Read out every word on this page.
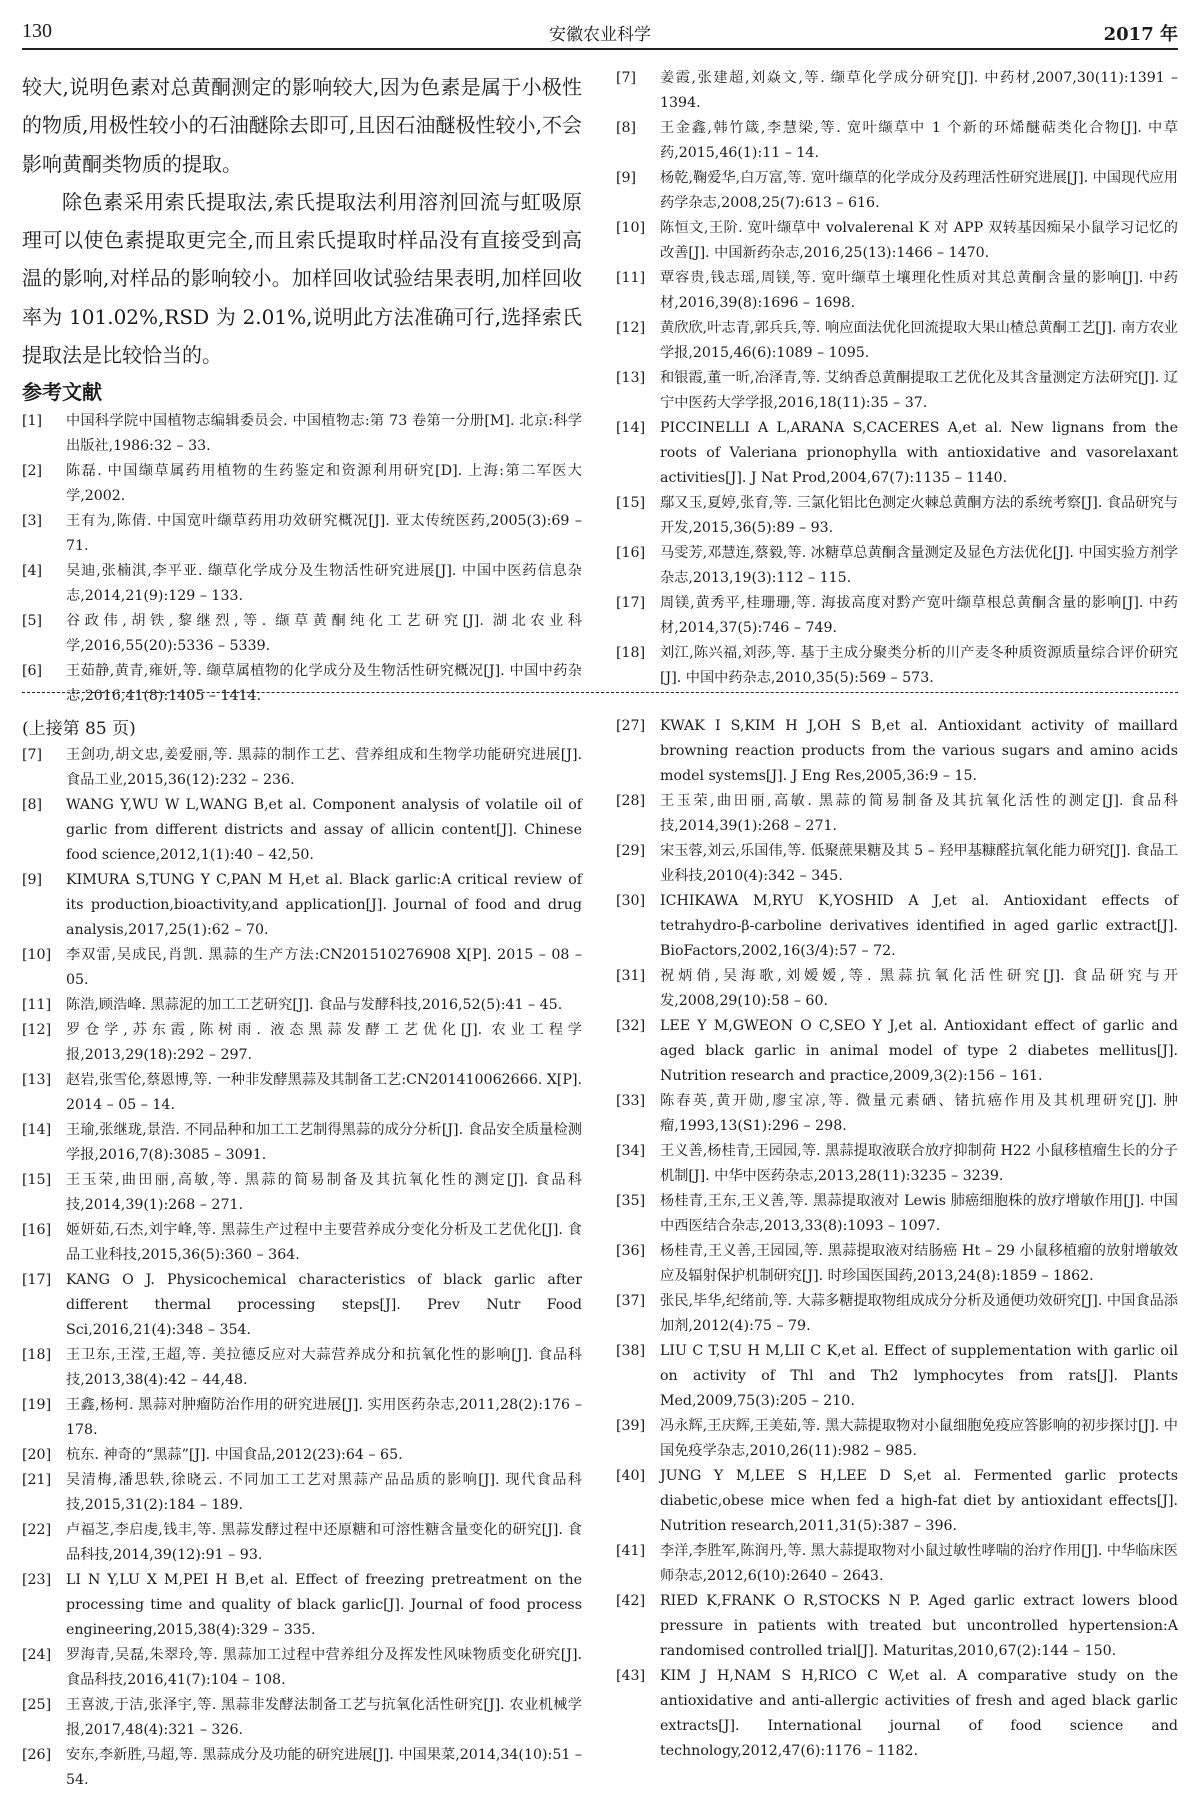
130	安徽农业科学	2017 年

较大,说明色素对总黄酮测定的影响较大,因为色素是属于小极性的物质,用极性较小的石油醚除去即可,且因石油醚极性较小,不会影响黄酮类物质的提取。

除色素采用索氏提取法,索氏提取法利用溶剂回流与虹吸原理可以使色素提取更完全,而且索氏提取时样品没有直接受到高温的影响,对样品的影响较小。加样回收试验结果表明,加样回收率为 101.02%,RSD 为 2.01%,说明此方法准确可行,选择索氏提取法是比较恰当的。

参考文献
[1] 中国科学院中国植物志编辑委员会. 中国植物志:第 73 卷第一分册[M]. 北京:科学出版社,1986:32 – 33.
[2] 陈磊. 中国缬草属药用植物的生药鉴定和资源利用研究[D]. 上海:第二军医大学,2002.
[3] 王有为,陈倩. 中国宽叶缬草药用功效研究概况[J]. 亚太传统医药,2005(3):69 – 71.
[4] 吴迪,张楠淇,李平亚. 缬草化学成分及生物活性研究进展[J]. 中国中医药信息杂志,2014,21(9):129 – 133.
[5] 谷政伟,胡铁,黎继烈,等. 缬草黄酮纯化工艺研究[J]. 湖北农业科学,2016,55(20):5336 – 5339.
[6] 王茹静,黄青,雍妍,等. 缬草属植物的化学成分及生物活性研究概况[J]. 中国中药杂志,2016,41(8):1405 – 1414.
[7] 姜霞,张建超,刘焱文,等. 缬草化学成分研究[J]. 中药材,2007,30(11):1391 – 1394.
[8] 王金鑫,韩竹箴,李慧梁,等. 宽叶缬草中 1 个新的环烯醚萜类化合物[J]. 中草药,2015,46(1):11 – 14.
[9] 杨乾,鞠爱华,白万富,等. 宽叶缬草的化学成分及药理活性研究进展[J]. 中国现代应用药学杂志,2008,25(7):613 – 616.
[10] 陈恒文,王阶. 宽叶缬草中 volvalerenal K 对 APP 双转基因痴呆小鼠学习记忆的改善[J]. 中国新药杂志,2016,25(13):1466 – 1470.
[11] 覃容贵,钱志瑶,周镁,等. 宽叶缬草土壤理化性质对其总黄酮含量的影响[J]. 中药材,2016,39(8):1696 – 1698.
[12] 黄欣欣,叶志青,郭兵兵,等. 响应面法优化回流提取大果山楂总黄酮工艺[J]. 南方农业学报,2015,46(6):1089 – 1095.
[13] 和银霞,董一昕,冶泽青,等. 艾纳香总黄酮提取工艺优化及其含量测定方法研究[J]. 辽宁中医药大学学报,2016,18(11):35 – 37.
[14] PICCINELLI A L,ARANA S,CACERES A,et al. New lignans from the roots of Valeriana prionophylla with antioxidative and vasorelaxant activities[J]. J Nat Prod,2004,67(7):1135 – 1140.
[15] 鄢又玉,夏婷,张育,等. 三氯化铝比色测定火棘总黄酮方法的系统考察[J]. 食品研究与开发,2015,36(5):89 – 93.
[16] 马雯芳,邓慧连,蔡毅,等. 冰糖草总黄酮含量测定及显色方法优化[J]. 中国实验方剂学杂志,2013,19(3):112 – 115.
[17] 周镁,黄秀平,桂珊珊,等. 海拔高度对黔产宽叶缬草根总黄酮含量的影响[J]. 中药材,2014,37(5):746 – 749.
[18] 刘江,陈兴福,刘莎,等. 基于主成分聚类分析的川产麦冬种质资源质量综合评价研究[J]. 中国中药杂志,2010,35(5):569 – 573.
(上接第 85 页)
[7] 王剑功,胡文忠,姜爱丽,等. 黑蒜的制作工艺、营养组成和生物学功能研究进展[J]. 食品工业,2015,36(12):232 – 236.
[8] WANG Y,WU W L,WANG B,et al. Component analysis of volatile oil of garlic from different districts and assay of allicin content[J]. Chinese food science,2012,1(1):40 – 42,50.
[9] KIMURA S,TUNG Y C,PAN M H,et al. Black garlic:A critical review of its production,bioactivity,and application[J]. Journal of food and drug analysis,2017,25(1):62 – 70.
[10] 李双雷,吴成民,肖凯. 黑蒜的生产方法:CN201510276908 X[P]. 2015 – 08 – 05.
[11] 陈浩,顾浩峰. 黑蒜泥的加工工艺研究[J]. 食品与发酵科技,2016,52(5):41 – 45.
[12] 罗仓学,苏东霞,陈树雨. 液态黑蒜发酵工艺优化[J]. 农业工程学报,2013,29(18):292 – 297.
[13] 赵岩,张雪伦,蔡恩博,等. 一种非发酵黑蒜及其制备工艺:CN201410062666. X[P]. 2014 – 05 – 14.
[14] 王瑜,张继珑,景浩. 不同品种和加工工艺制得黑蒜的成分分析[J]. 食品安全质量检测学报,2016,7(8):3085 – 3091.
[15] 王玉荣,曲田丽,高敏,等. 黑蒜的简易制备及其抗氧化性的测定[J]. 食品科技,2014,39(1):268 – 271.
[16] 姬妍茹,石杰,刘宇峰,等. 黑蒜生产过程中主要营养成分变化分析及工艺优化[J]. 食品工业科技,2015,36(5):360 – 364.
[17] KANG O J. Physicochemical characteristics of black garlic after different thermal processing steps[J]. Prev Nutr Food Sci,2016,21(4):348 – 354.
[18] 王卫东,王滢,王超,等. 美拉德反应对大蒜营养成分和抗氧化性的影响[J]. 食品科技,2013,38(4):42 – 44,48.
[19] 王鑫,杨柯. 黑蒜对肿瘤防治作用的研究进展[J]. 实用医药杂志,2011,28(2):176 – 178.
[20] 杭东. 神奇的“黑蒜”[J]. 中国食品,2012(23):64 – 65.
[21] 吴清梅,潘思轶,徐晓云. 不同加工工艺对黑蒜产品品质的影响[J]. 现代食品科技,2015,31(2):184 – 189.
[22] 卢福芝,李启虔,钱丰,等. 黑蒜发酵过程中还原糖和可溶性糖含量变化的研究[J]. 食品科技,2014,39(12):91 – 93.
[23] LI N Y,LU X M,PEI H B,et al. Effect of freezing pretreatment on the processing time and quality of black garlic[J]. Journal of food process engineering,2015,38(4):329 – 335.
[24] 罗海青,吴磊,朱翠玲,等. 黑蒜加工过程中营养组分及挥发性风味物质变化研究[J]. 食品科技,2016,41(7):104 – 108.
[25] 王喜波,于洁,张泽宇,等. 黑蒜非发酵法制备工艺与抗氧化活性研究[J]. 农业机械学报,2017,48(4):321 – 326.
[26] 安东,李新胜,马超,等. 黑蒜成分及功能的研究进展[J]. 中国果菜,2014,34(10):51 – 54.
[27] KWAK I S,KIM H J,OH S B,et al. Antioxidant activity of maillard browning reaction products from the various sugars and amino acids model systems[J]. J Eng Res,2005,36:9 – 15.
[28] 王玉荣,曲田丽,高敏. 黑蒜的简易制备及其抗氧化活性的测定[J]. 食品科技,2014,39(1):268 – 271.
[29] 宋玉蓉,刘云,乐国伟,等. 低聚蔗果糖及其 5 – 羟甲基糠醛抗氧化能力研究[J]. 食品工业科技,2010(4):342 – 345.
[30] ICHIKAWA M,RYU K,YOSHID A J,et al. Antioxidant effects of tetrahydro-β-carboline derivatives identified in aged garlic extract[J]. BioFactors,2002,16(3/4):57 – 72.
[31] 祝炳俏,吴海歌,刘嫒嫒,等. 黑蒜抗氧化活性研究[J]. 食品研究与开发,2008,29(10):58 – 60.
[32] LEE Y M,GWEON O C,SEO Y J,et al. Antioxidant effect of garlic and aged black garlic in animal model of type 2 diabetes mellitus[J]. Nutrition research and practice,2009,3(2):156 – 161.
[33] 陈春英,黄开勋,廖宝凉,等. 微量元素硒、锗抗癌作用及其机理研究[J]. 肿瘤,1993,13(S1):296 – 298.
[34] 王义善,杨桂青,王园园,等. 黑蒜提取液联合放疗抑制荷 H22 小鼠移植瘤生长的分子机制[J]. 中华中医药杂志,2013,28(11):3235 – 3239.
[35] 杨桂青,王东,王义善,等. 黑蒜提取液对 Lewis 肺癌细胞株的放疗增敏作用[J]. 中国中西医结合杂志,2013,33(8):1093 – 1097.
[36] 杨桂青,王义善,王园园,等. 黑蒜提取液对结肠癌 Ht – 29 小鼠移植瘤的放射增敏效应及辐射保护机制研究[J]. 时珍国医国药,2013,24(8):1859 – 1862.
[37] 张民,毕华,纪绪前,等. 大蒜多糖提取物组成成分分析及通便功效研究[J]. 中国食品添加剂,2012(4):75 – 79.
[38] LIU C T,SU H M,LII C K,et al. Effect of supplementation with garlic oil on activity of Thl and Th2 lymphocytes from rats[J]. Plants Med,2009,75(3):205 – 210.
[39] 冯永辉,王庆辉,王美茹,等. 黑大蒜提取物对小鼠细胞免疫应答影响的初步探讨[J]. 中国免疫学杂志,2010,26(11):982 – 985.
[40] JUNG Y M,LEE S H,LEE D S,et al. Fermented garlic protects diabetic,obese mice when fed a high-fat diet by antioxidant effects[J]. Nutrition research,2011,31(5):387 – 396.
[41] 李洋,李胜军,陈润丹,等. 黑大蒜提取物对小鼠过敏性哮喘的治疗作用[J]. 中华临床医师杂志,2012,6(10):2640 – 2643.
[42] RIED K,FRANK O R,STOCKS N P. Aged garlic extract lowers blood pressure in patients with treated but uncontrolled hypertension:A randomised controlled trial[J]. Maturitas,2010,67(2):144 – 150.
[43] KIM J H,NAM S H,RICO C W,et al. A comparative study on the antioxidative and anti-allergic activities of fresh and aged black garlic extracts[J]. International journal of food science and technology,2012,47(6):1176 – 1182.
